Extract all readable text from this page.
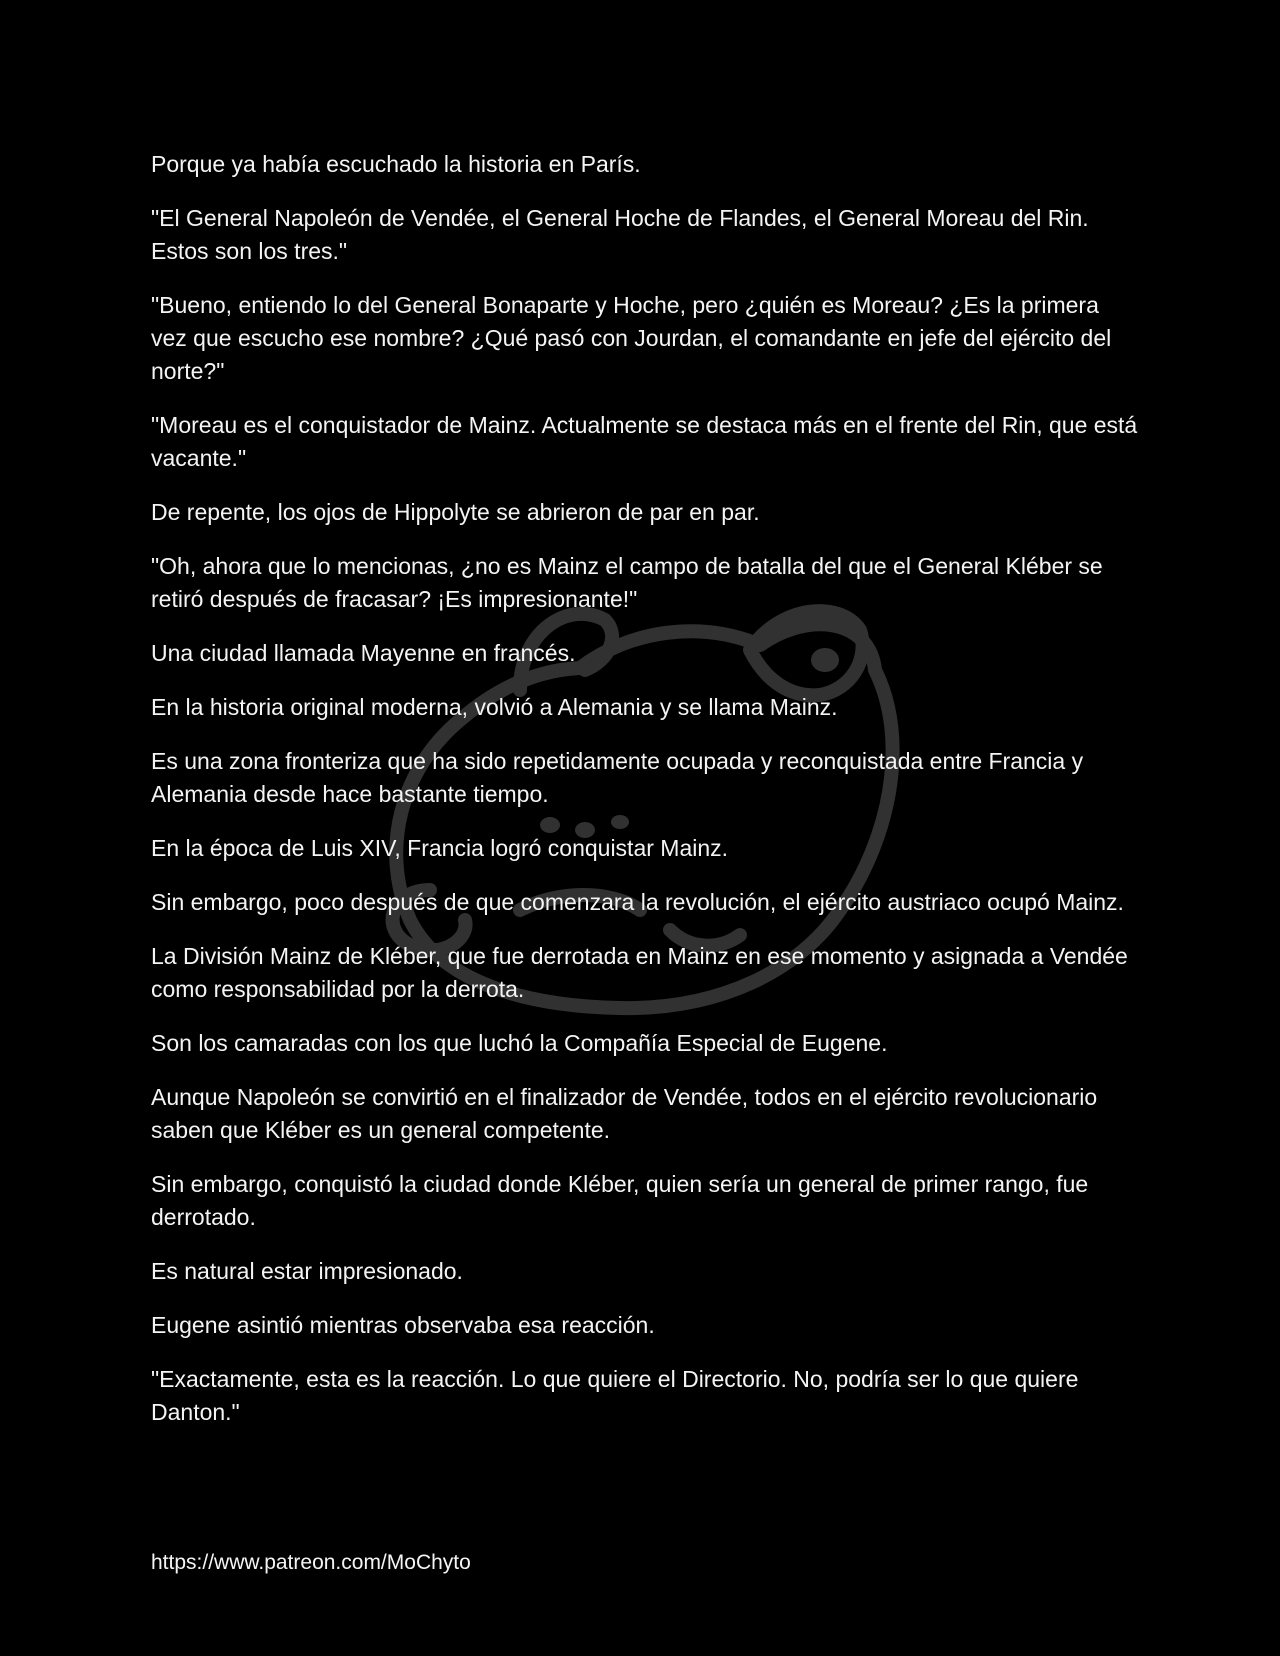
Porque ya había escuchado la historia en París.

"El General Napoleón de Vendée, el General Hoche de Flandes, el General Moreau del Rin. Estos son los tres."

"Bueno, entiendo lo del General Bonaparte y Hoche, pero ¿quién es Moreau? ¿Es la primera vez que escucho ese nombre? ¿Qué pasó con Jourdan, el comandante en jefe del ejército del norte?"

"Moreau es el conquistador de Mainz. Actualmente se destaca más en el frente del Rin, que está vacante."

De repente, los ojos de Hippolyte se abrieron de par en par.

"Oh, ahora que lo mencionas, ¿no es Mainz el campo de batalla del que el General Kléber se retiró después de fracasar? ¡Es impresionante!"

Una ciudad llamada Mayenne en francés.

En la historia original moderna, volvió a Alemania y se llama Mainz.

Es una zona fronteriza que ha sido repetidamente ocupada y reconquistada entre Francia y Alemania desde hace bastante tiempo.

En la época de Luis XIV, Francia logró conquistar Mainz.

Sin embargo, poco después de que comenzara la revolución, el ejército austriaco ocupó Mainz.

La División Mainz de Kléber, que fue derrotada en Mainz en ese momento y asignada a Vendée como responsabilidad por la derrota.

Son los camaradas con los que luchó la Compañía Especial de Eugene.

Aunque Napoleón se convirtió en el finalizador de Vendée, todos en el ejército revolucionario saben que Kléber es un general competente.

Sin embargo, conquistó la ciudad donde Kléber, quien sería un general de primer rango, fue derrotado.

Es natural estar impresionado.

Eugene asintió mientras observaba esa reacción.

"Exactamente, esta es la reacción. Lo que quiere el Directorio. No, podría ser lo que quiere Danton."

https://www.patreon.com/MoChyto
